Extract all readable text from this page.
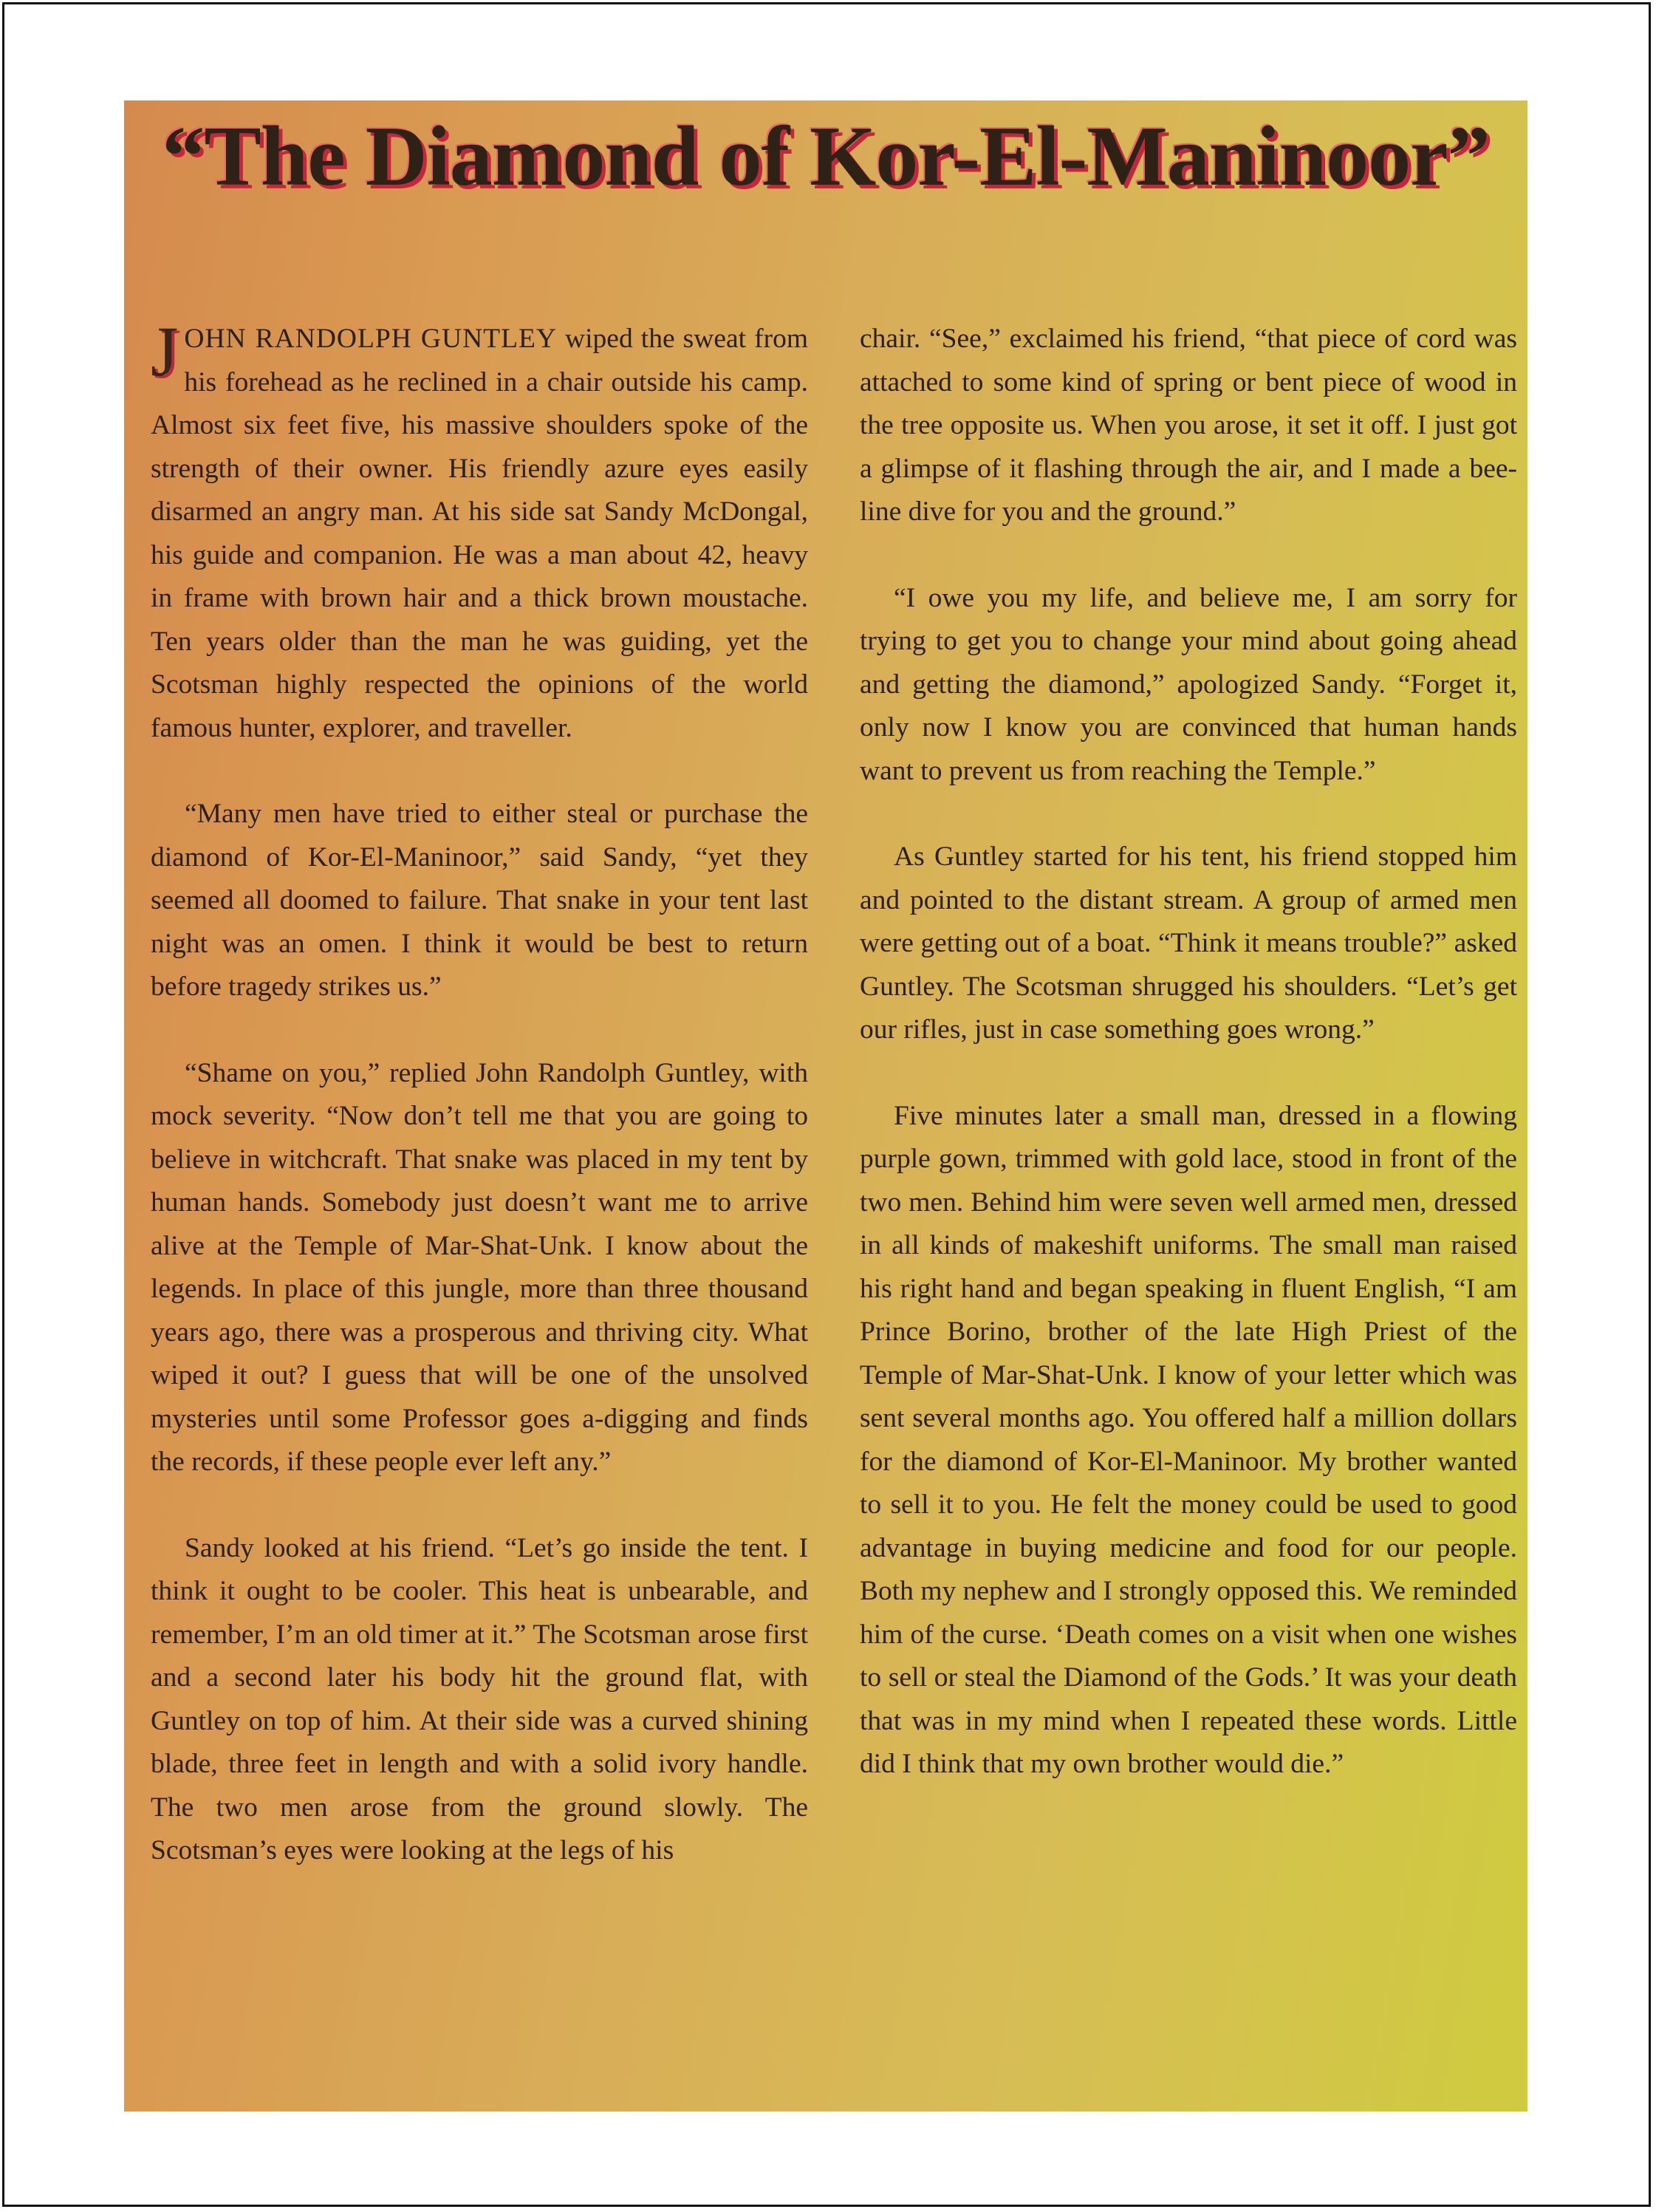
“The Diamond of Kor-El-Maninoor”

JOHN RANDOLPH GUNTLEY wiped the sweat from his forehead as he reclined in a chair outside his camp. Almost six feet five, his massive shoulders spoke of the strength of their owner. His friendly azure eyes easily disarmed an angry man. At his side sat Sandy McDongal, his guide and companion. He was a man about 42, heavy in frame with brown hair and a thick brown moustache. Ten years older than the man he was guiding, yet the Scotsman highly respected the opinions of the world famous hunter, explorer, and traveller.

“Many men have tried to either steal or purchase the diamond of Kor-El-Maninoor,” said Sandy, “yet they seemed all doomed to failure. That snake in your tent last night was an omen. I think it would be best to return before tragedy strikes us.”

“Shame on you,” replied John Randolph Guntley, with mock severity. “Now don’t tell me that you are going to believe in witchcraft. That snake was placed in my tent by human hands. Somebody just doesn’t want me to arrive alive at the Temple of Mar-Shat-Unk. I know about the legends. In place of this jungle, more than three thousand years ago, there was a prosperous and thriving city. What wiped it out? I guess that will be one of the unsolved mysteries until some Professor goes a-digging and finds the records, if these people ever left any.”

Sandy looked at his friend. “Let’s go inside the tent. I think it ought to be cooler. This heat is unbearable, and remember, I’m an old timer at it.” The Scotsman arose first and a second later his body hit the ground flat, with Guntley on top of him. At their side was a curved shining blade, three feet in length and with a solid ivory handle. The two men arose from the ground slowly. The Scotsman’s eyes were looking at the legs of his

chair. “See,” exclaimed his friend, “that piece of cord was attached to some kind of spring or bent piece of wood in the tree opposite us. When you arose, it set it off. I just got a glimpse of it flashing through the air, and I made a bee-line dive for you and the ground.”

“I owe you my life, and believe me, I am sorry for trying to get you to change your mind about going ahead and getting the diamond,” apologized Sandy. “Forget it, only now I know you are convinced that human hands want to prevent us from reaching the Temple.”

As Guntley started for his tent, his friend stopped him and pointed to the distant stream. A group of armed men were getting out of a boat. “Think it means trouble?” asked Guntley. The Scotsman shrugged his shoulders. “Let’s get our rifles, just in case something goes wrong.”

Five minutes later a small man, dressed in a flowing purple gown, trimmed with gold lace, stood in front of the two men. Behind him were seven well armed men, dressed in all kinds of makeshift uniforms. The small man raised his right hand and began speaking in fluent English, “I am Prince Borino, brother of the late High Priest of the Temple of Mar-Shat-Unk. I know of your letter which was sent several months ago. You offered half a million dollars for the diamond of Kor-El-Maninoor. My brother wanted to sell it to you. He felt the money could be used to good advantage in buying medicine and food for our people. Both my nephew and I strongly opposed this. We reminded him of the curse. ‘Death comes on a visit when one wishes to sell or steal the Diamond of the Gods.’ It was your death that was in my mind when I repeated these words. Little did I think that my own brother would die.”
